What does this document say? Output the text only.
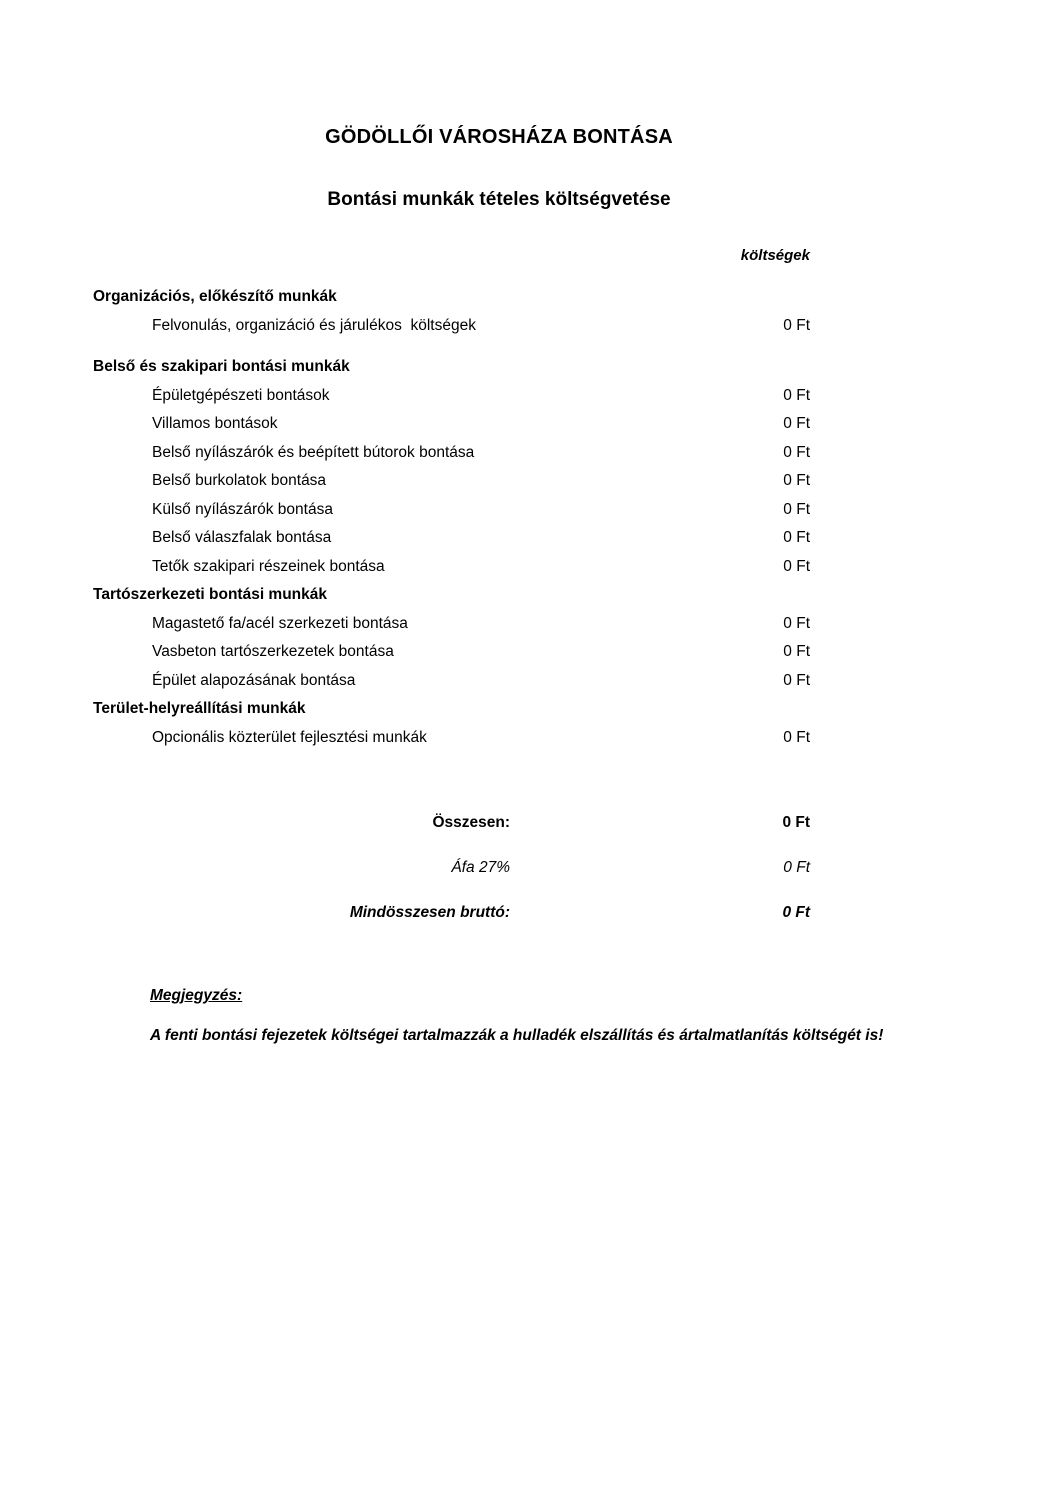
GÖDÖLLŐI VÁROSHÁZA BONTÁSA
Bontási munkák tételes költségvetése
költségek
Organizációs, előkészítő munkák
Felvonulás, organizáció és járulékos  költségek	0 Ft
Belső és szakipari bontási munkák
Épületgépészeti bontások	0 Ft
Villamos bontások	0 Ft
Belső nyílászárók és beépített bútorok bontása	0 Ft
Belső burkolatok bontása	0 Ft
Külső nyílászárók bontása	0 Ft
Belső válaszfalak bontása	0 Ft
Tetők szakipari részeinek bontása	0 Ft
Tartószerkezeti bontási munkák
Magastető fa/acél szerkezeti bontása	0 Ft
Vasbeton tartószerkezetek bontása	0 Ft
Épület alapozásának bontása	0 Ft
Terület-helyreállítási munkák
Opcionális közterület fejlesztési munkák	0 Ft
Összesen:	0 Ft
Áfa 27%	0 Ft
Mindösszesen bruttó:	0 Ft
Megjegyzés:
A fenti bontási fejezetek költségei tartalmazzák a hulladék elszállítás és ártalmatlanítás költségét is!
